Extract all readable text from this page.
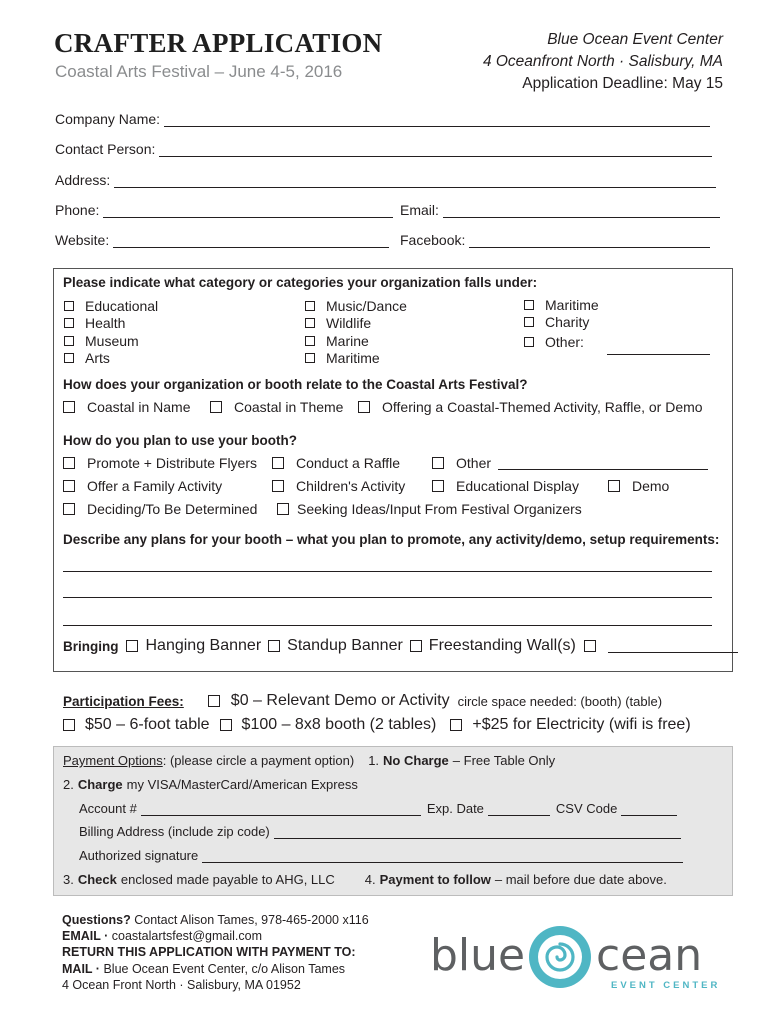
CRAFTER APPLICATION
Coastal Arts Festival – June 4-5, 2016
Blue Ocean Event Center
4 Oceanfront North · Salisbury, MA
Application Deadline: May 15
Company Name:
Contact Person:
Address:
Phone:	Email:
Website:	Facebook:
Please indicate what category or categories your organization falls under:
Educational
Health
Museum
Arts
Music/Dance
Wildlife
Marine
Maritime
Maritime
Charity
Other:
How does your organization or booth relate to the Coastal Arts Festival?
Coastal in Name	Coastal in Theme	Offering a Coastal-Themed Activity, Raffle, or Demo
How do you plan to use your booth?
Promote + Distribute Flyers	Conduct a Raffle	Other
Offer a Family Activity	Children's Activity	Educational Display	Demo
Deciding/To Be Determined	Seeking Ideas/Input From Festival Organizers
Describe any plans for your booth – what you plan to promote, any activity/demo, setup requirements:
Bringing Hanging Banner Standup Banner Freestanding Wall(s)
Participation Fees:	$0 – Relevant Demo or Activity circle space needed: (booth) (table)
$50 – 6-foot table $100 – 8x8 booth (2 tables) +$25 for Electricity (wifi is free)
Payment Options : (please circle a payment option) 1. No Charge – Free Table Only
2. Charge my VISA/MasterCard/American Express
Account #	Exp. Date	CSV Code
Billing Address (include zip code)
Authorized signature
3. Check enclosed made payable to AHG, LLC 4. Payment to follow – mail before due date above.
Questions? Contact Alison Tames, 978-465-2000 x116
EMAIL · coastalartsfest@gmail.com
RETURN THIS APPLICATION WITH PAYMENT TO:
MAIL · Blue Ocean Event Center, c/o Alison Tames
4 Ocean Front North · Salisbury, MA 01952
blue cean
EVENT CENTER
